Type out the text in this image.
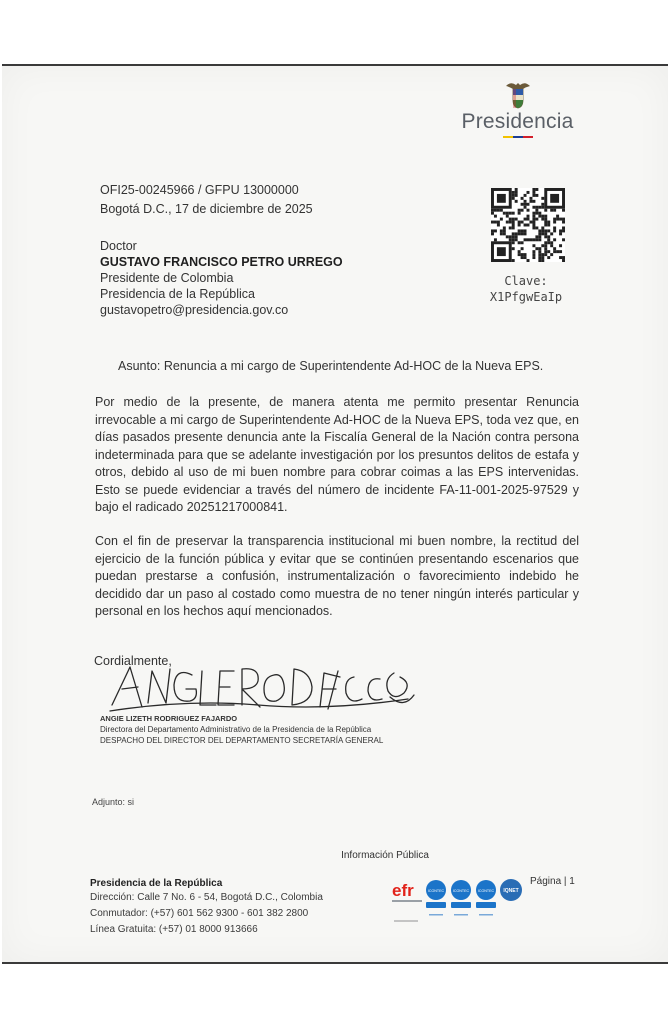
Presidencia
OFI25-00245966 / GFPU 13000000
Bogotá D.C., 17 de diciembre de 2025
Clave:
X1PfgwEaIp
Doctor
GUSTAVO FRANCISCO PETRO URREGO
Presidente de Colombia
Presidencia de la República
gustavopetro@presidencia.gov.co
Asunto: Renuncia a mi cargo de Superintendente Ad-HOC de la Nueva EPS.
Por medio de la presente, de manera atenta me permito presentar Renuncia irrevocable a mi cargo de Superintendente Ad-HOC de la Nueva EPS, toda vez que, en días pasados presente denuncia ante la Fiscalía General de la Nación contra persona indeterminada para que se adelante investigación por los presuntos delitos de estafa y otros, debido al uso de mi buen nombre para cobrar coimas a las EPS intervenidas. Esto se puede evidenciar a través del número de incidente FA-11-001-2025-97529 y bajo el radicado 20251217000841.
Con el fin de preservar la transparencia institucional mi buen nombre, la rectitud del ejercicio de la función pública y evitar que se continúen presentando escenarios que puedan prestarse a confusión, instrumentalización o favorecimiento indebido he decidido dar un paso al costado como muestra de no tener ningún interés particular y personal en los hechos aquí mencionados.
Cordialmente,
ANGIE LIZETH RODRIGUEZ FAJARDO
Directora del Departamento Administrativo de la Presidencia de la República
DESPACHO DEL DIRECTOR DEL DEPARTAMENTO SECRETARÍA GENERAL
Adjunto: si
Información Pública
Presidencia de la República
Dirección: Calle 7 No. 6 - 54, Bogotá D.C., Colombia
Conmutador: (+57) 601 562 9300 - 601 382 2800
Línea Gratuita: (+57) 01 8000 913666
efr	ICONTEC ICONTEC ICONTEC IQNET
Página | 1
